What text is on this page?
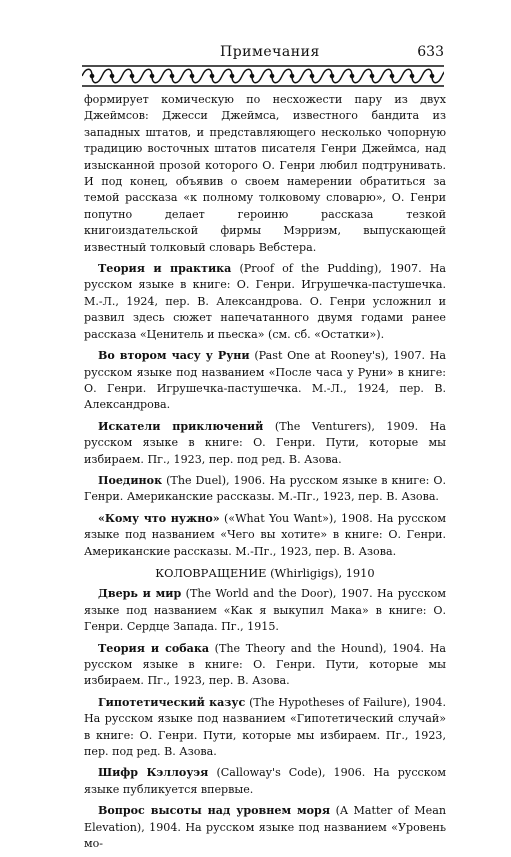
Примечания	633

формирует комическую по несхожести пару из двух Джеймсов: Джесси Джеймса, известного бандита из западных штатов, и представляющего несколько чопорную традицию восточных штатов писателя Генри Джеймса, над изысканной прозой которого О. Генри любил подтрунивать. И под конец, объявив о своем намерении обратиться за темой рассказа «к полному толковому словарю», О. Генри попутно делает героиню рассказа тезкой книгоиздательской фирмы Мэрриэм, выпускающей известный толковый словарь Вебстера.

Теория и практика (Proof of the Pudding), 1907. На русском языке в книге: О. Генри. Игрушечка-пастушечка. М.-Л., 1924, пер. В. Александрова. О. Генри усложнил и развил здесь сюжет напечатанного двумя годами ранее рассказа «Ценитель и пьеска» (см. сб. «Остатки»).

Во втором часу у Руни (Past One at Rooney's), 1907. На русском языке под названием «После часа у Руни» в книге: О. Генри. Игрушечка-пастушечка. М.-Л., 1924, пер. В. Александрова.

Искатели приключений (The Venturers), 1909. На русском языке в книге: О. Генри. Пути, которые мы избираем. Пг., 1923, пер. под ред. В. Азова.

Поединок (The Duel), 1906. На русском языке в книге: О. Генри. Американские рассказы. М.-Пг., 1923, пер. В. Азова.

«Кому что нужно» («What You Want»), 1908. На русском языке под названием «Чего вы хотите» в книге: О. Генри. Американские рассказы. М.-Пг., 1923, пер. В. Азова.

КОЛОВРАЩЕНИЕ (Whirligigs), 1910

Дверь и мир (The World and the Door), 1907. На русском языке под названием «Как я выкупил Мака» в книге: О. Генри. Сердце Запада. Пг., 1915.

Теория и собака (The Theory and the Hound), 1904. На русском языке в книге: О. Генри. Пути, которые мы избираем. Пг., 1923, пер. В. Азова.

Гипотетический казус (The Hypotheses of Failure), 1904. На русском языке под названием «Гипотетический случай» в книге: О. Генри. Пути, которые мы избираем. Пг., 1923, пер. под ред. В. Азова.

Шифр Кэллоуэя (Calloway's Code), 1906. На русском языке публикуется впервые.

Вопрос высоты над уровнем моря (A Matter of Mean Elevation), 1904. На русском языке под названием «Уровень мо-
